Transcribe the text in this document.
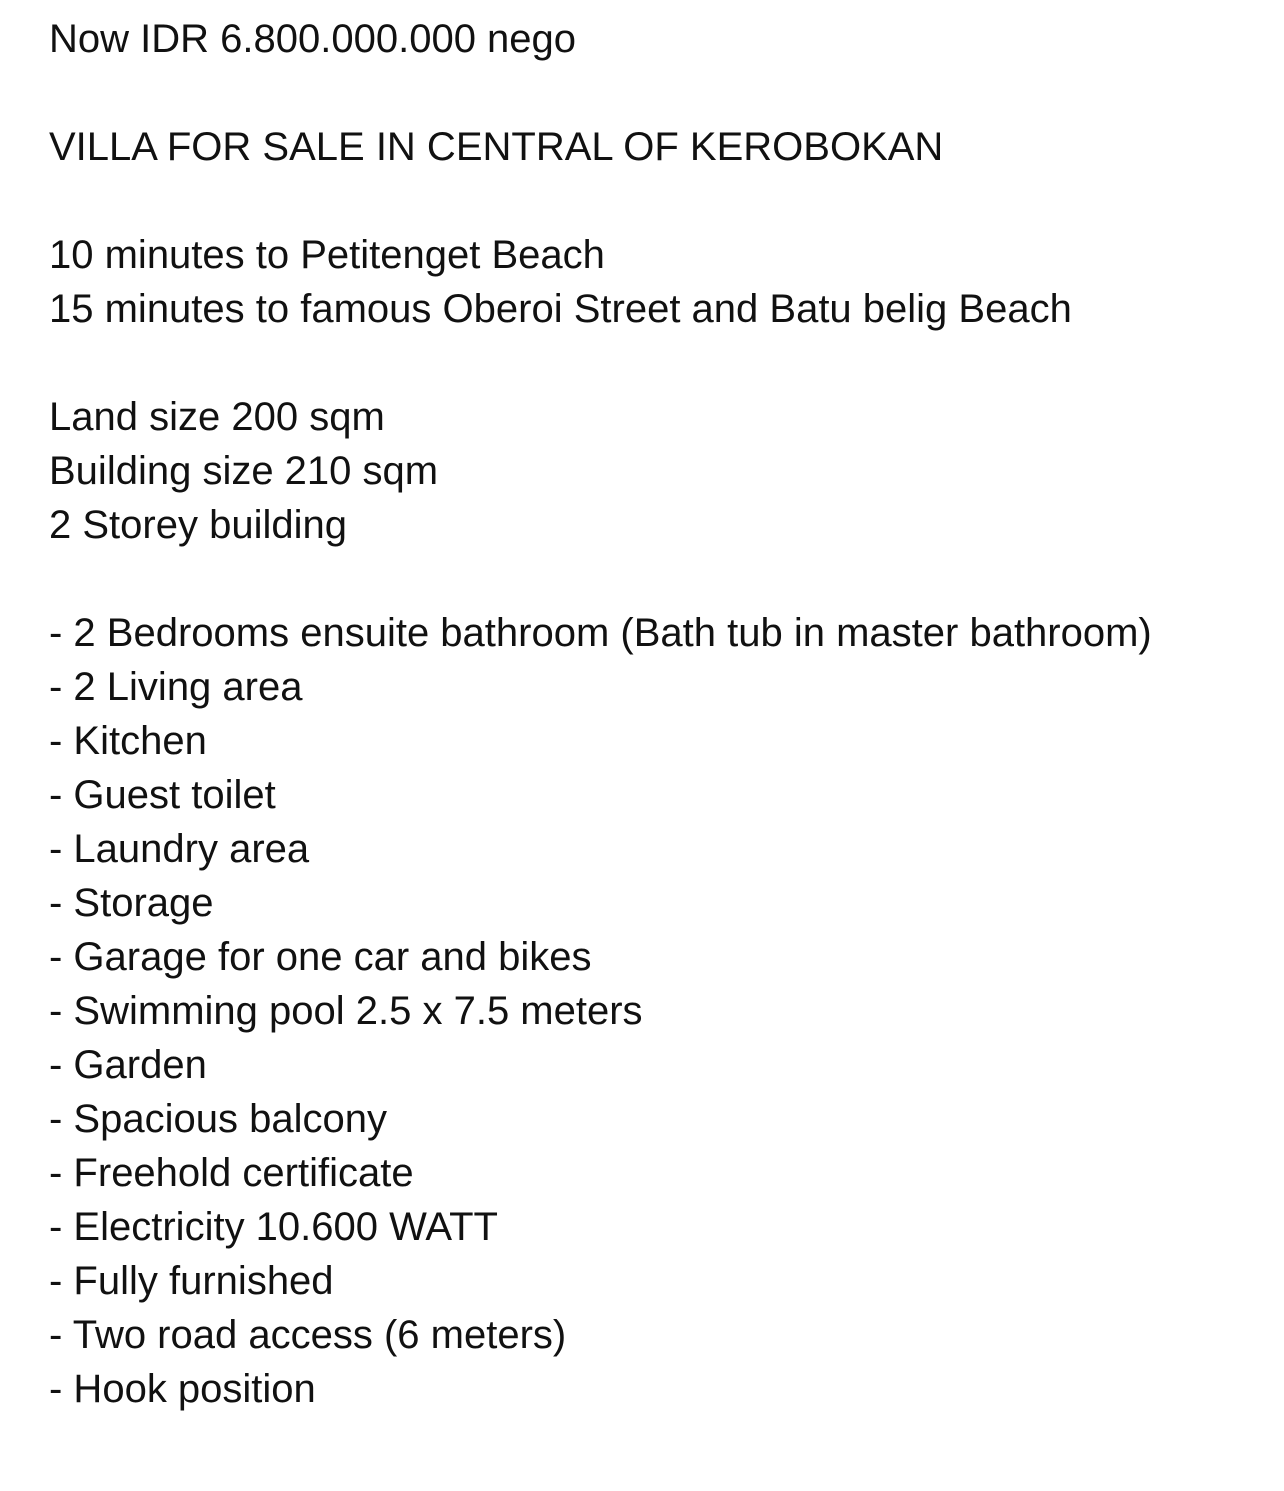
Now IDR 6.800.000.000 nego
VILLA FOR SALE IN CENTRAL OF KEROBOKAN
10 minutes to Petitenget Beach
15 minutes to famous Oberoi Street and Batu belig Beach
Land size 200 sqm
Building size 210 sqm
2 Storey building
- 2 Bedrooms ensuite bathroom (Bath tub in master bathroom)
- 2 Living area
- Kitchen
- Guest toilet
- Laundry area
- Storage
- Garage for one car and bikes
- Swimming pool 2.5 x 7.5 meters
- Garden
- Spacious balcony
- Freehold certificate
- Electricity 10.600 WATT
- Fully furnished
- Two road access (6 meters)
- Hook position
